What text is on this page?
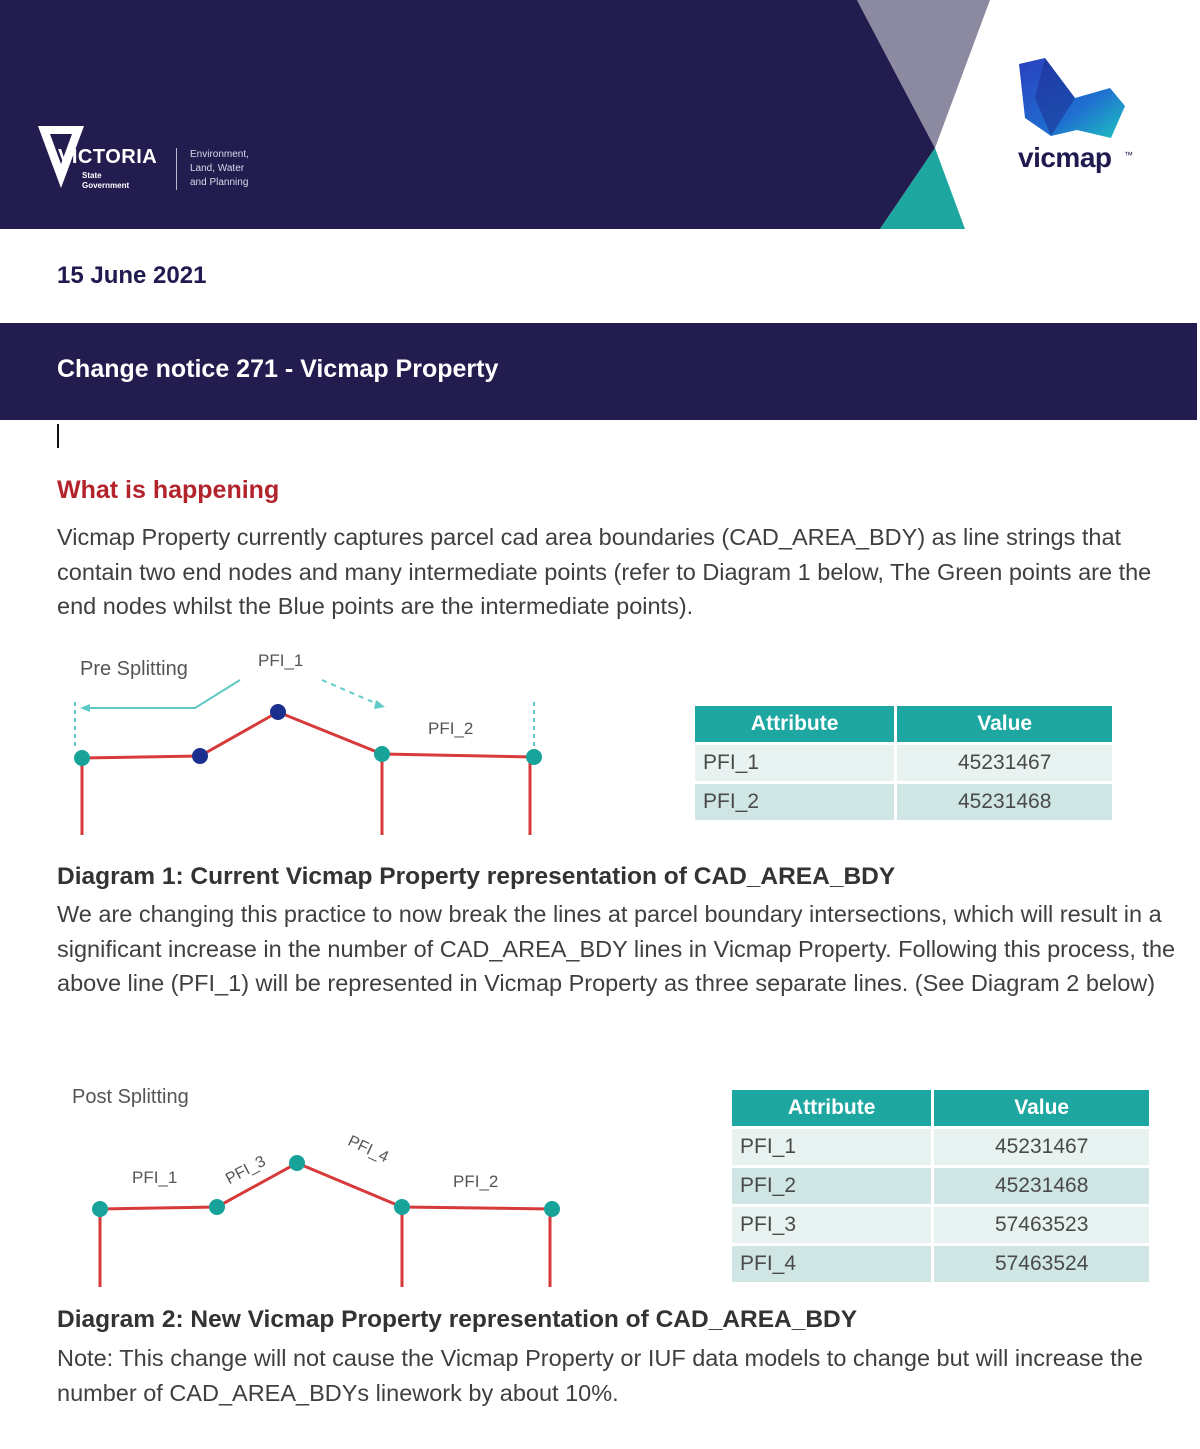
VICTORIA
State
Government
Environment,
Land, Water
and Planning
vicmap ™
15 June 2021
Change notice 271 - Vicmap Property
What is happening
Vicmap Property currently captures parcel cad area boundaries (CAD_AREA_BDY) as line strings that contain two end nodes and many intermediate points (refer to Diagram 1 below, The Green points are the end nodes whilst the Blue points are the intermediate points).
Pre Splitting	PFI_1
PFI_2	Attribute	Value
PFI_1	45231467
PFI_2	45231468
Diagram 1: Current Vicmap Property representation of CAD_AREA_BDY
We are changing this practice to now break the lines at parcel boundary intersections, which will result in a significant increase in the number of CAD_AREA_BDY lines in Vicmap Property. Following this process, the above line (PFI_1) will be represented in Vicmap Property as three separate lines. (See Diagram 2 below)
Post Splitting
PFI_1	PFI_3
PFI_4
PFI_2
Attribute	Value
PFI_1	45231467
PFI_2	45231468
PFI_3	57463523
PFI_4	57463524
Diagram 2: New Vicmap Property representation of CAD_AREA_BDY
Note: This change will not cause the Vicmap Property or IUF data models to change but will increase the number of CAD_AREA_BDYs linework by about 10%.
